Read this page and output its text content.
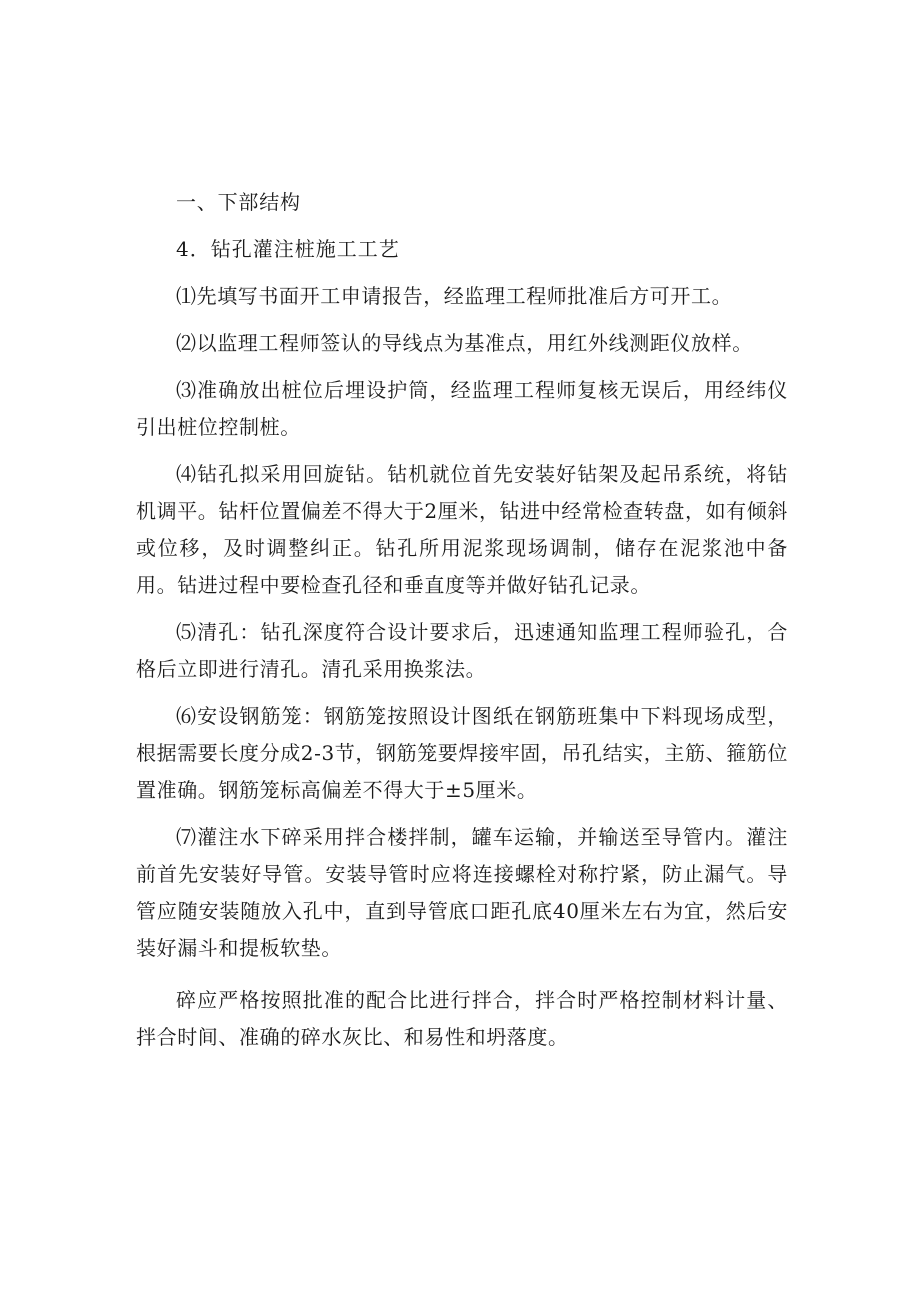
一、下部结构

4．钻孔灌注桩施工工艺

⑴先填写书面开工申请报告，经监理工程师批准后方可开工。

⑵以监理工程师签认的导线点为基准点，用红外线测距仪放样。

⑶准确放出桩位后埋设护筒，经监理工程师复核无误后，用经纬仪引出桩位控制桩。

⑷钻孔拟采用回旋钻。钻机就位首先安装好钻架及起吊系统，将钻机调平。钻杆位置偏差不得大于2厘米，钻进中经常检查转盘，如有倾斜或位移，及时调整纠正。钻孔所用泥浆现场调制，储存在泥浆池中备用。钻进过程中要检查孔径和垂直度等并做好钻孔记录。

⑸清孔：钻孔深度符合设计要求后，迅速通知监理工程师验孔，合格后立即进行清孔。清孔采用换浆法。

⑹安设钢筋笼：钢筋笼按照设计图纸在钢筋班集中下料现场成型，根据需要长度分成2-3节，钢筋笼要焊接牢固，吊孔结实，主筋、箍筋位置准确。钢筋笼标高偏差不得大于±5厘米。

⑺灌注水下碎采用拌合楼拌制，罐车运输，并输送至导管内。灌注前首先安装好导管。安装导管时应将连接螺栓对称拧紧，防止漏气。导管应随安装随放入孔中，直到导管底口距孔底40厘米左右为宜，然后安装好漏斗和提板软垫。

碎应严格按照批准的配合比进行拌合，拌合时严格控制材料计量、拌合时间、准确的碎水灰比、和易性和坍落度。
